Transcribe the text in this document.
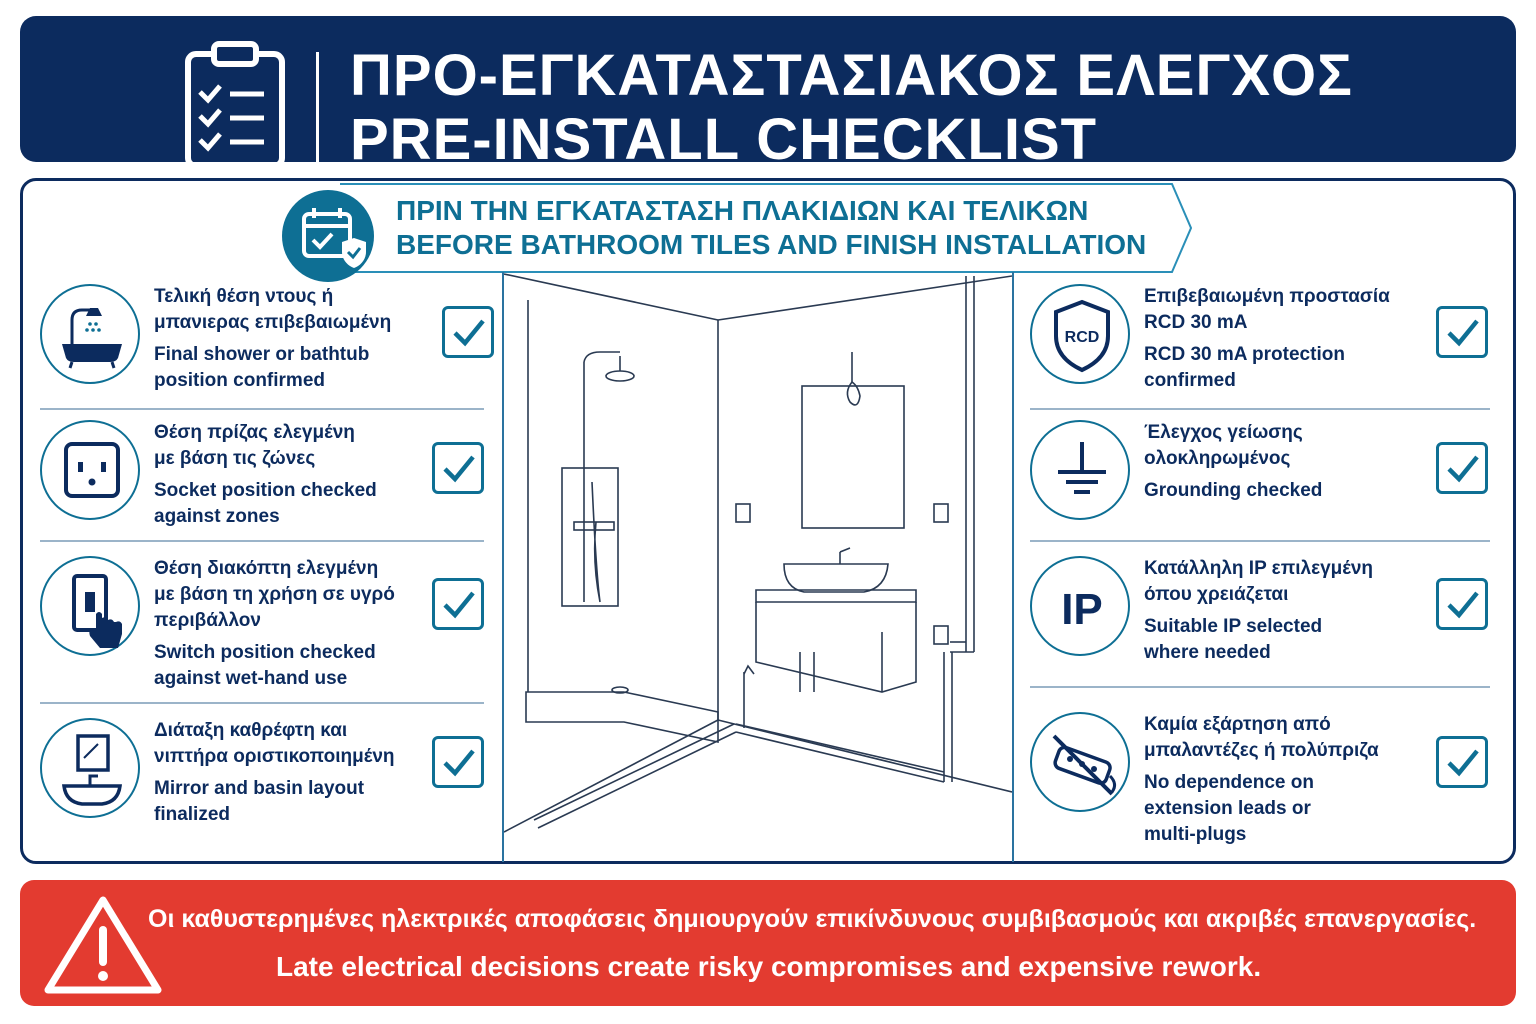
ΠΡΟ-ΕΓΚΑΤΑΣΤΑΣΙΑΚΟΣ ΕΛΕΓΧΟΣ
PRE-INSTALL CHECKLIST
ΠΡΙΝ ΤΗΝ ΕΓΚΑΤΑΣΤΑΣΗ ΠΛΑΚΙΔΙΩΝ ΚΑΙ ΤΕΛΙΚΩΝ
BEFORE BATHROOM TILES AND FINISH INSTALLATION
Τελική θέση ντους ή
μπανιερας επιβεβαιωμένη
Final shower or bathtub
position confirmed
Θέση πρίζας ελεγμένη
με βάση τις ζώνες
Socket position checked
against zones
Θέση διακόπτη ελεγμένη
με βάση τη χρήση σε υγρό
περιβάλλον
Switch position checked
against wet-hand use
Διάταξη καθρέφτη και
νιπτήρα οριστικοποιημένη
Mirror and basin layout
finalized
RCD
Επιβεβαιωμένη προστασία
RCD 30 mA
RCD 30 mA protection
confirmed
Έλεγχος γείωσης
ολοκληρωμένος
Grounding checked
IP
Κατάλληλη IP επιλεγμένη
όπου χρειάζεται
Suitable IP selected
where needed
Καμία εξάρτηση από
μπαλαντέζες ή πολύπριζα
No dependence on
extension leads or
multi-plugs
Οι καθυστερημένες ηλεκτρικές αποφάσεις δημιουργούν επικίνδυνους συμβιβασμούς και ακριβές επανεργασίες.
Late electrical decisions create risky compromises and expensive rework.
